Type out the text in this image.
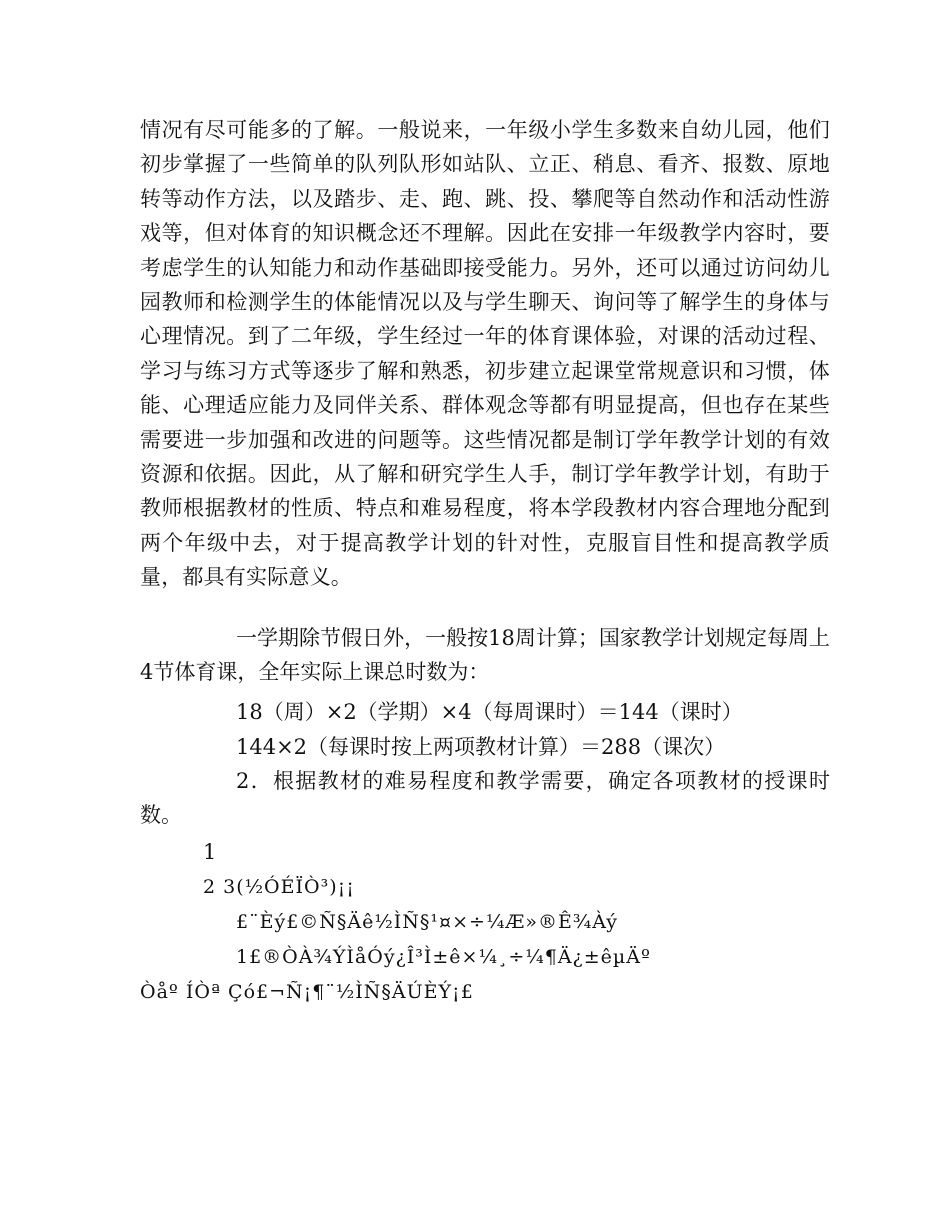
情况有尽可能多的了解。一般说来，一年级小学生多数来自幼儿园，他们初步掌握了一些简单的队列队形如站队、立正、稍息、看齐、报数、原地转等动作方法，以及踏步、走、跑、跳、投、攀爬等自然动作和活动性游戏等，但对体育的知识概念还不理解。因此在安排一年级教学内容时，要考虑学生的认知能力和动作基础即接受能力。另外，还可以通过访问幼儿园教师和检测学生的体能情况以及与学生聊天、询问等了解学生的身体与心理情况。到了二年级，学生经过一年的体育课体验，对课的活动过程、学习与练习方式等逐步了解和熟悉，初步建立起课堂常规意识和习惯，体能、心理适应能力及同伴关系、群体观念等都有明显提高，但也存在某些需要进一步加强和改进的问题等。这些情况都是制订学年教学计划的有效资源和依据。因此，从了解和研究学生人手，制订学年教学计划，有助于教师根据教材的性质、特点和难易程度，将本学段教材内容合理地分配到两个年级中去，对于提高教学计划的针对性，克服盲目性和提高教学质量，都具有实际意义。

一学期除节假日外，一般按18周计算；国家教学计划规定每周上4节体育课，全年实际上课总时数为：

18（周）×2（学期）×4（每周课时）＝144（课时）
144×2（每课时按上两项教材计算）＝288（课次）

2．根据教材的难易程度和教学需要，确定各项教材的授课时数。

1
2 3(½ÓÉÏÒ³)¡¡
£¨Èý£©Ñ§Äê½ÌÑ§¹¤×÷¼Æ»®Ê¾Àý
1£®ÒÀ¾ÝÌåÓý¿Î³Ì±ê×¼¸÷¼¶Ä¿±êµÄº
Òåº ÍÒª Çó£¬Ñ¡¶¨½ÌÑ§ÄÚÈÝ¡£
